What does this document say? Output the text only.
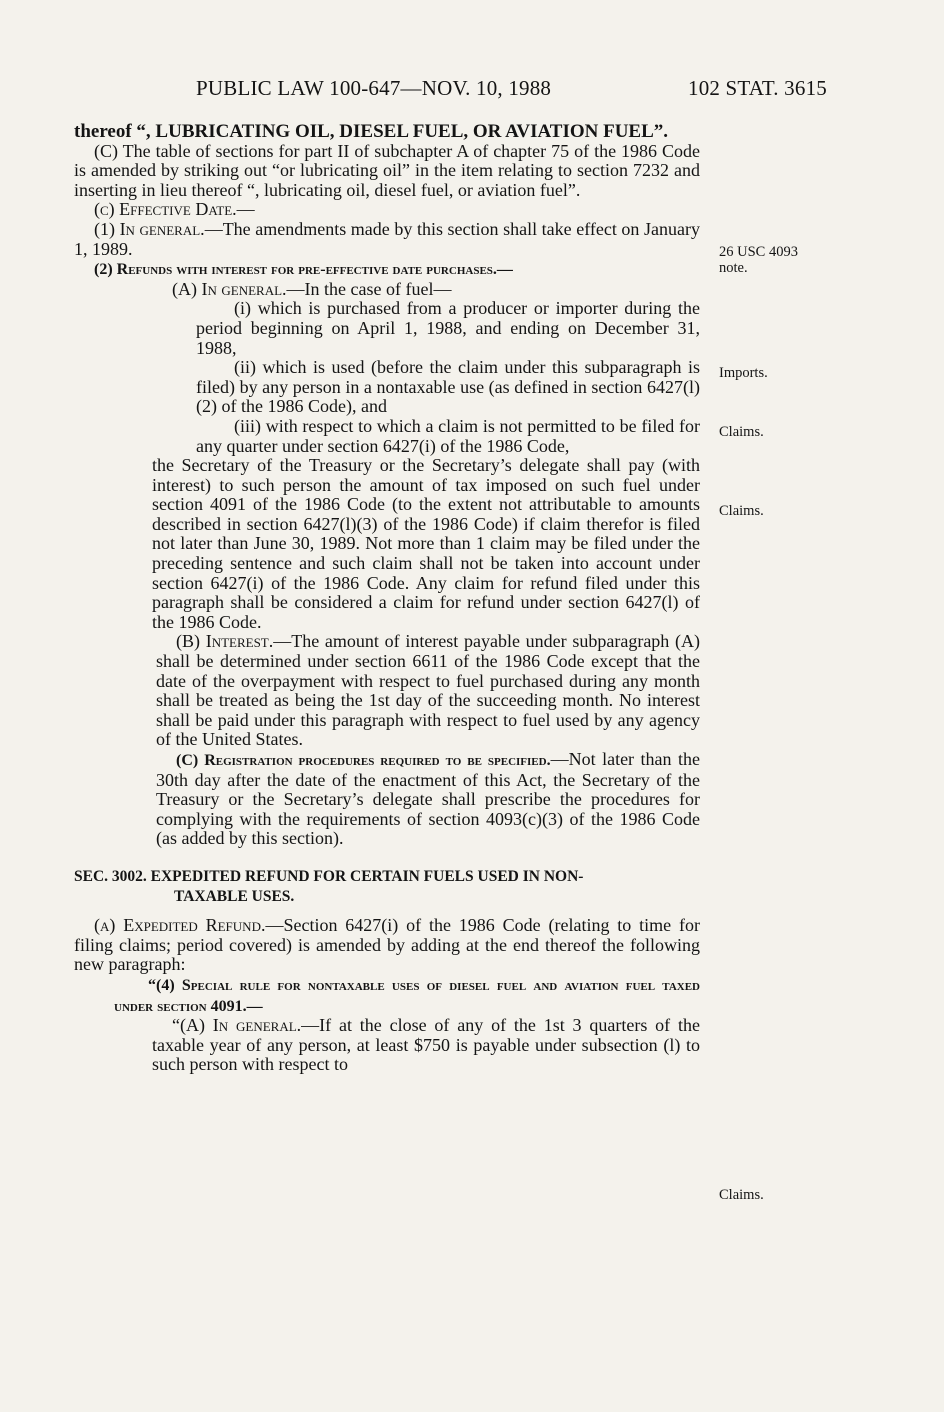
PUBLIC LAW 100-647—NOV. 10, 1988	102 STAT. 3615

thereof “, LUBRICATING OIL, DIESEL FUEL, OR AVIATION FUEL”.

(C) The table of sections for part II of subchapter A of chapter 75 of the 1986 Code is amended by striking out “or lubricating oil” in the item relating to section 7232 and inserting in lieu thereof “, lubricating oil, diesel fuel, or aviation fuel”.

(c) Effective Date.—

(1) In general.—The amendments made by this section shall take effect on January 1, 1989.

(2) Refunds with interest for pre-effective date purchases.—

(A) In general.—In the case of fuel—

(i) which is purchased from a producer or importer during the period beginning on April 1, 1988, and ending on December 31, 1988,

(ii) which is used (before the claim under this subparagraph is filed) by any person in a nontaxable use (as defined in section 6427(l)(2) of the 1986 Code), and

(iii) with respect to which a claim is not permitted to be filed for any quarter under section 6427(i) of the 1986 Code,

the Secretary of the Treasury or the Secretary’s delegate shall pay (with interest) to such person the amount of tax imposed on such fuel under section 4091 of the 1986 Code (to the extent not attributable to amounts described in section 6427(l)(3) of the 1986 Code) if claim therefor is filed not later than June 30, 1989. Not more than 1 claim may be filed under the preceding sentence and such claim shall not be taken into account under section 6427(i) of the 1986 Code. Any claim for refund filed under this paragraph shall be considered a claim for refund under section 6427(l) of the 1986 Code.

(B) Interest.—The amount of interest payable under subparagraph (A) shall be determined under section 6611 of the 1986 Code except that the date of the overpayment with respect to fuel purchased during any month shall be treated as being the 1st day of the succeeding month. No interest shall be paid under this paragraph with respect to fuel used by any agency of the United States.

(C) Registration procedures required to be specified.—Not later than the 30th day after the date of the enactment of this Act, the Secretary of the Treasury or the Secretary’s delegate shall prescribe the procedures for complying with the requirements of section 4093(c)(3) of the 1986 Code (as added by this section).

SEC. 3002. EXPEDITED REFUND FOR CERTAIN FUELS USED IN NON-

TAXABLE USES.

(a) Expedited Refund.—Section 6427(i) of the 1986 Code (relating to time for filing claims; period covered) is amended by adding at the end thereof the following new paragraph:

“(4) Special rule for nontaxable uses of diesel fuel and aviation fuel taxed under section 4091.—

“(A) In general.—If at the close of any of the 1st 3 quarters of the taxable year of any person, at least $750 is payable under subsection (l) to such person with respect to

26 USC 4093
note.
Imports.
Claims.
Claims.
Claims.
